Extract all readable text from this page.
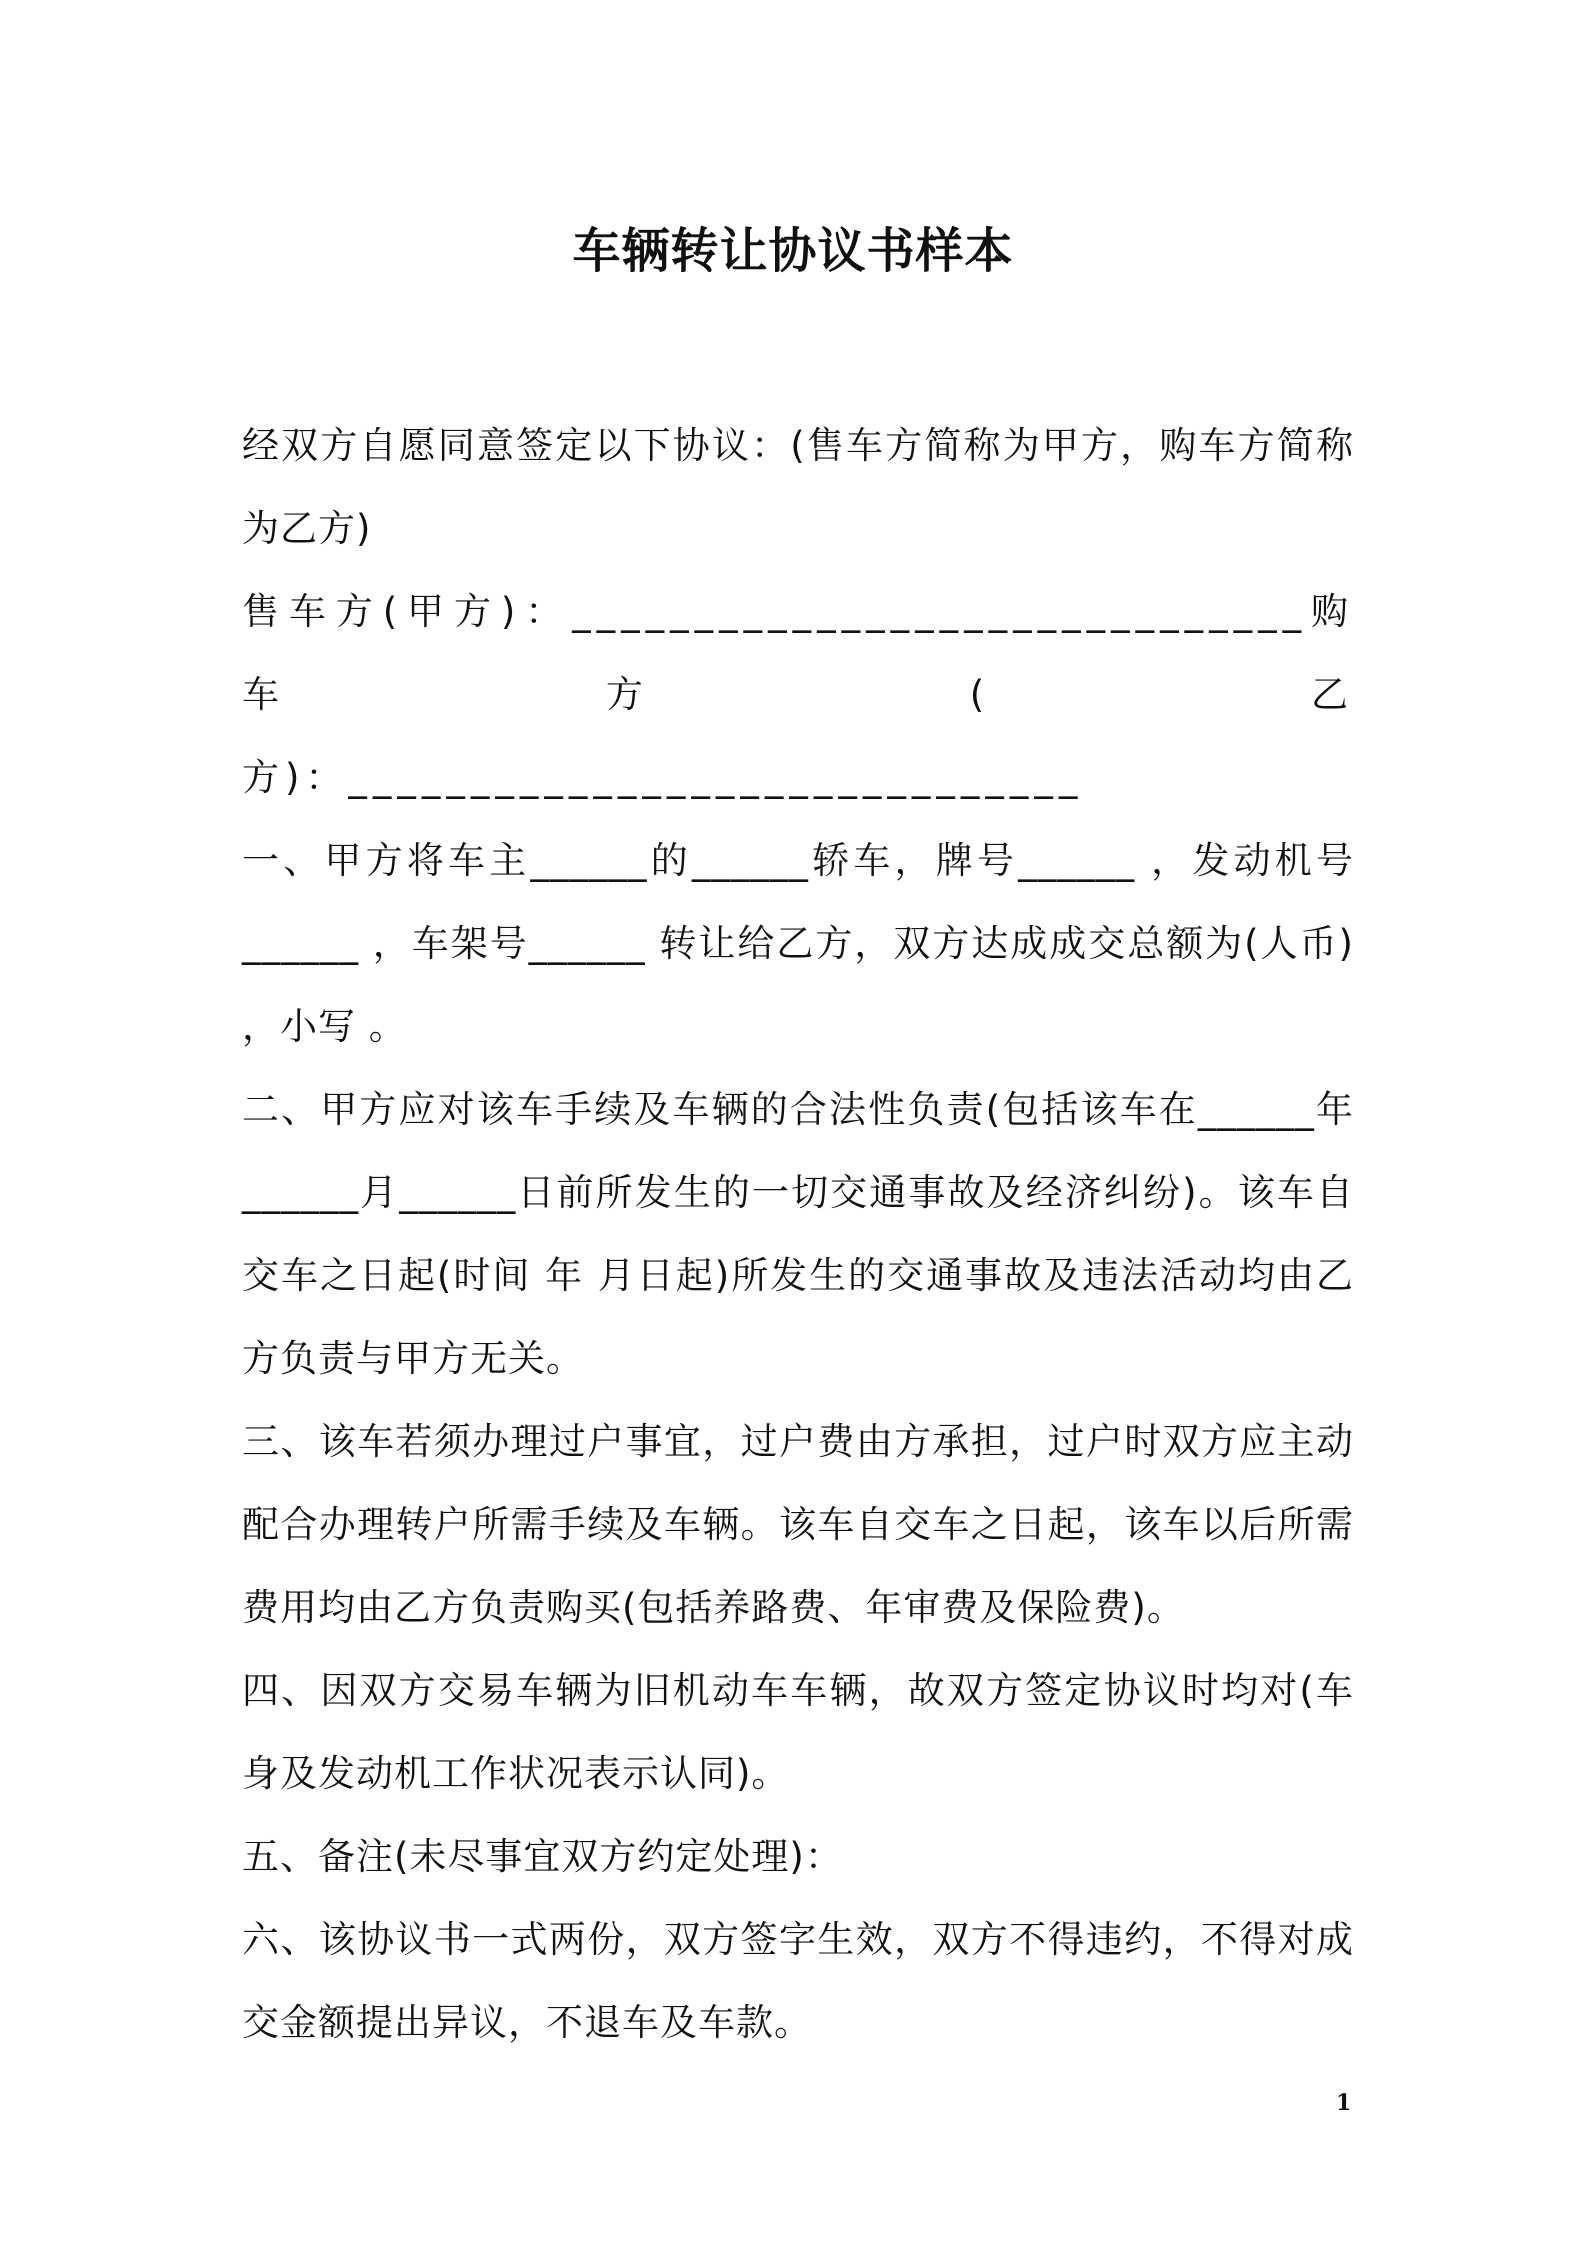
车辆转让协议书样本

经双方自愿同意签定以下协议：(售车方简称为甲方，购车方简称为乙方)

售车方(甲方)：______________________________购车方(乙

方)：______________________________

一、甲方将车主______的______轿车，牌号______ ，发动机号______ ，车架号______ 转让给乙方，双方达成成交总额为(人币) ，小写 。

二、甲方应对该车手续及车辆的合法性负责(包括该车在______年______月______日前所发生的一切交通事故及经济纠纷)。该车自交车之日起(时间 年 月日起)所发生的交通事故及违法活动均由乙方负责与甲方无关。

三、该车若须办理过户事宜，过户费由方承担，过户时双方应主动配合办理转户所需手续及车辆。该车自交车之日起，该车以后所需费用均由乙方负责购买(包括养路费、年审费及保险费)。

四、因双方交易车辆为旧机动车车辆，故双方签定协议时均对(车身及发动机工作状况表示认同)。

五、备注(未尽事宜双方约定处理)：

六、该协议书一式两份，双方签字生效，双方不得违约，不得对成交金额提出异议，不退车及车款。

1
